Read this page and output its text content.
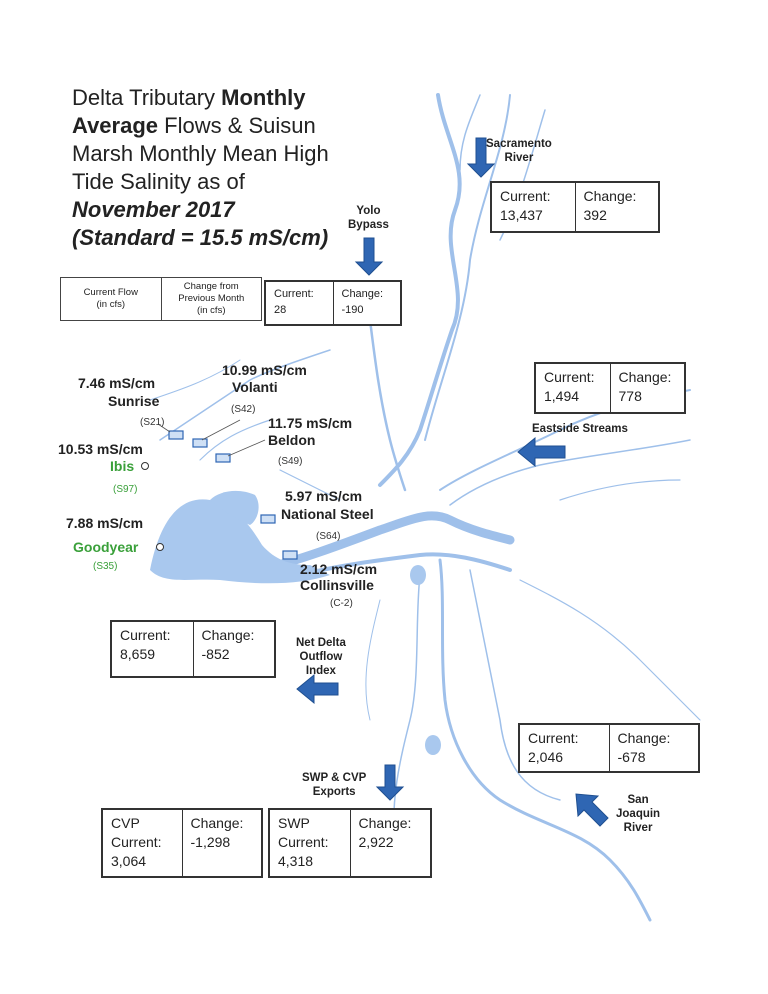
Delta Tributary Monthly
Average Flows & Suisun
Marsh Monthly Mean High
Tide Salinity as of
November 2017
(Standard = 15.5 mS/cm)
Current Flow
(in cfs)
Change from
Previous Month
(in cfs)
Sacramento
River
Current:
13,437
Change:
392
Yolo
Bypass
Current:
28
Change:
-190
Current:
1,494
Change:
778
Eastside Streams
Current:
8,659
Change:
-852
Net Delta
Outflow
Index
Current:
2,046
Change:
-678
San
Joaquin
River
SWP & CVP
Exports
CVP
Current:
3,064
Change:
-1,298
SWP
Current:
4,318
Change:
2,922
7.46 mS/cm
Sunrise
(S21)
10.99 mS/cm
Volanti
(S42)
11.75 mS/cm
Beldon
(S49)
10.53 mS/cm
Ibis
(S97)
7.88 mS/cm
Goodyear
(S35)
5.97 mS/cm
National Steel
(S64)
2.12 mS/cm
Collinsville
(C-2)
